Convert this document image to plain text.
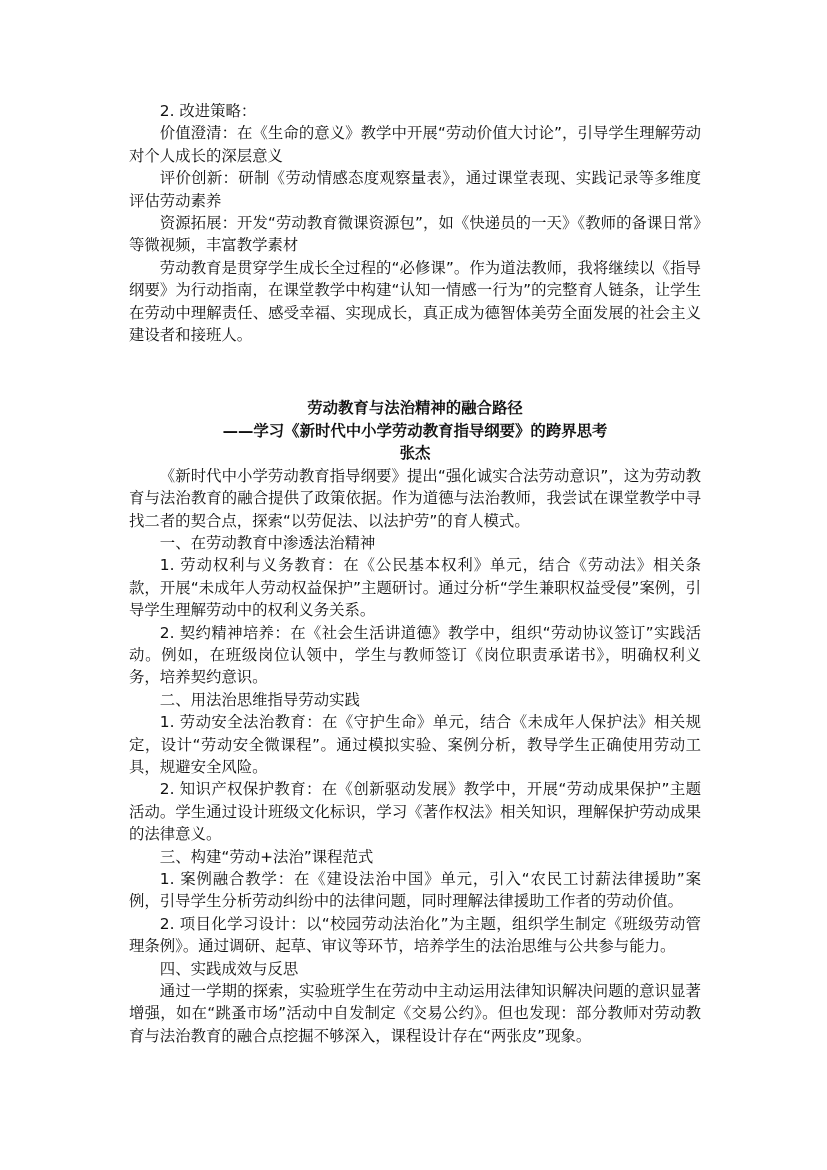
2. 改进策略：

价值澄清：在《生命的意义》教学中开展“劳动价值大讨论”，引导学生理解劳动对个人成长的深层意义

评价创新：研制《劳动情感态度观察量表》，通过课堂表现、实践记录等多维度评估劳动素养

资源拓展：开发“劳动教育微课资源包”，如《快递员的一天》《教师的备课日常》等微视频，丰富教学素材

劳动教育是贯穿学生成长全过程的“必修课”。作为道法教师，我将继续以《指导纲要》为行动指南，在课堂教学中构建“认知一情感一行为”的完整育人链条，让学生在劳动中理解责任、感受幸福、实现成长，真正成为德智体美劳全面发展的社会主义建设者和接班人。

劳动教育与法治精神的融合路径
——学习《新时代中小学劳动教育指导纲要》的跨界思考
张杰

《新时代中小学劳动教育指导纲要》提出“强化诚实合法劳动意识”，这为劳动教育与法治教育的融合提供了政策依据。作为道德与法治教师，我尝试在课堂教学中寻找二者的契合点，探索“以劳促法、以法护劳”的育人模式。

一、在劳动教育中渗透法治精神

1. 劳动权利与义务教育：在《公民基本权利》单元，结合《劳动法》相关条款，开展“未成年人劳动权益保护”主题研讨。通过分析“学生兼职权益受侵”案例，引导学生理解劳动中的权利义务关系。

2. 契约精神培养：在《社会生活讲道德》教学中，组织“劳动协议签订”实践活动。例如，在班级岗位认领中，学生与教师签订《岗位职责承诺书》，明确权利义务，培养契约意识。

二、用法治思维指导劳动实践

1. 劳动安全法治教育：在《守护生命》单元，结合《未成年人保护法》相关规定，设计“劳动安全微课程”。通过模拟实验、案例分析，教导学生正确使用劳动工具，规避安全风险。

2. 知识产权保护教育：在《创新驱动发展》教学中，开展“劳动成果保护”主题活动。学生通过设计班级文化标识，学习《著作权法》相关知识，理解保护劳动成果的法律意义。

三、构建“劳动+法治”课程范式

1. 案例融合教学：在《建设法治中国》单元，引入“农民工讨薪法律援助”案例，引导学生分析劳动纠纷中的法律问题，同时理解法律援助工作者的劳动价值。

2. 项目化学习设计：以“校园劳动法治化”为主题，组织学生制定《班级劳动管理条例》。通过调研、起草、审议等环节，培养学生的法治思维与公共参与能力。

四、实践成效与反思

通过一学期的探索，实验班学生在劳动中主动运用法律知识解决问题的意识显著增强，如在“跳蚤市场”活动中自发制定《交易公约》。但也发现：部分教师对劳动教育与法治教育的融合点挖掘不够深入，课程设计存在“两张皮”现象。
